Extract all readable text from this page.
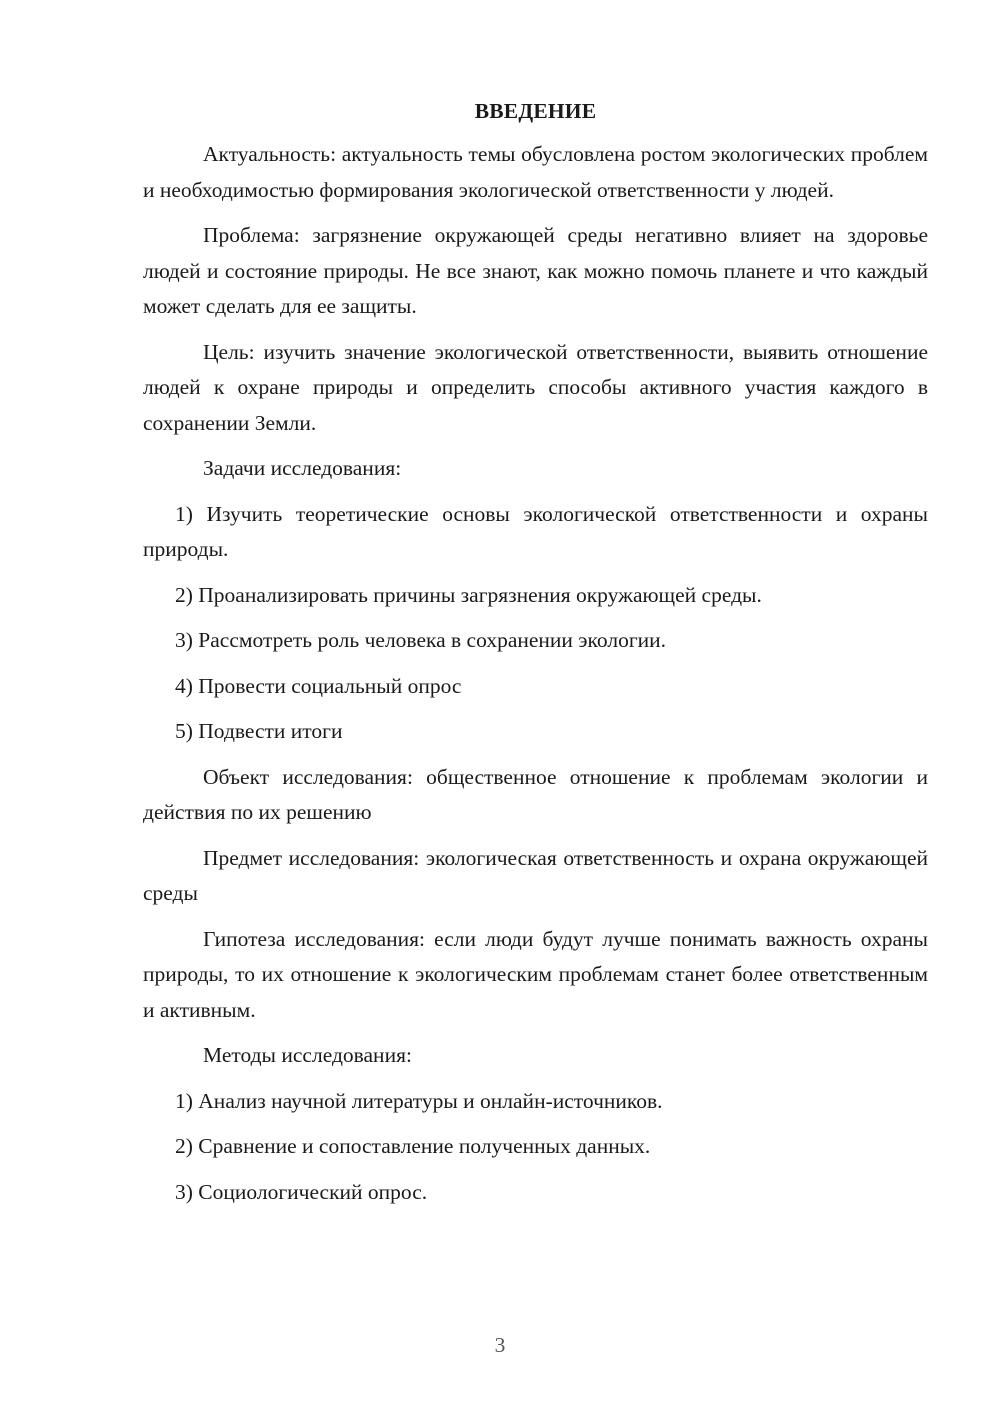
ВВЕДЕНИЕ

Актуальность: актуальность темы обусловлена ростом экологических проблем и необходимостью формирования экологической ответственности у людей.

Проблема: загрязнение окружающей среды негативно влияет на здоровье людей и состояние природы. Не все знают, как можно помочь планете и что каждый может сделать для ее защиты.

Цель: изучить значение экологической ответственности, выявить отношение людей к охране природы и определить способы активного участия каждого в сохранении Земли.

Задачи исследования:

1) Изучить теоретические основы экологической ответственности и охраны природы.

2) Проанализировать причины загрязнения окружающей среды.

3) Рассмотреть роль человека в сохранении экологии.

4) Провести социальный опрос

5) Подвести итоги

Объект исследования: общественное отношение к проблемам экологии и действия по их решению

Предмет исследования: экологическая ответственность и охрана окружающей среды

Гипотеза исследования: если люди будут лучше понимать важность охраны природы, то их отношение к экологическим проблемам станет более ответственным и активным.

Методы исследования:

1) Анализ научной литературы и онлайн-источников.

2) Сравнение и сопоставление полученных данных.

3) Социологический опрос.

3
